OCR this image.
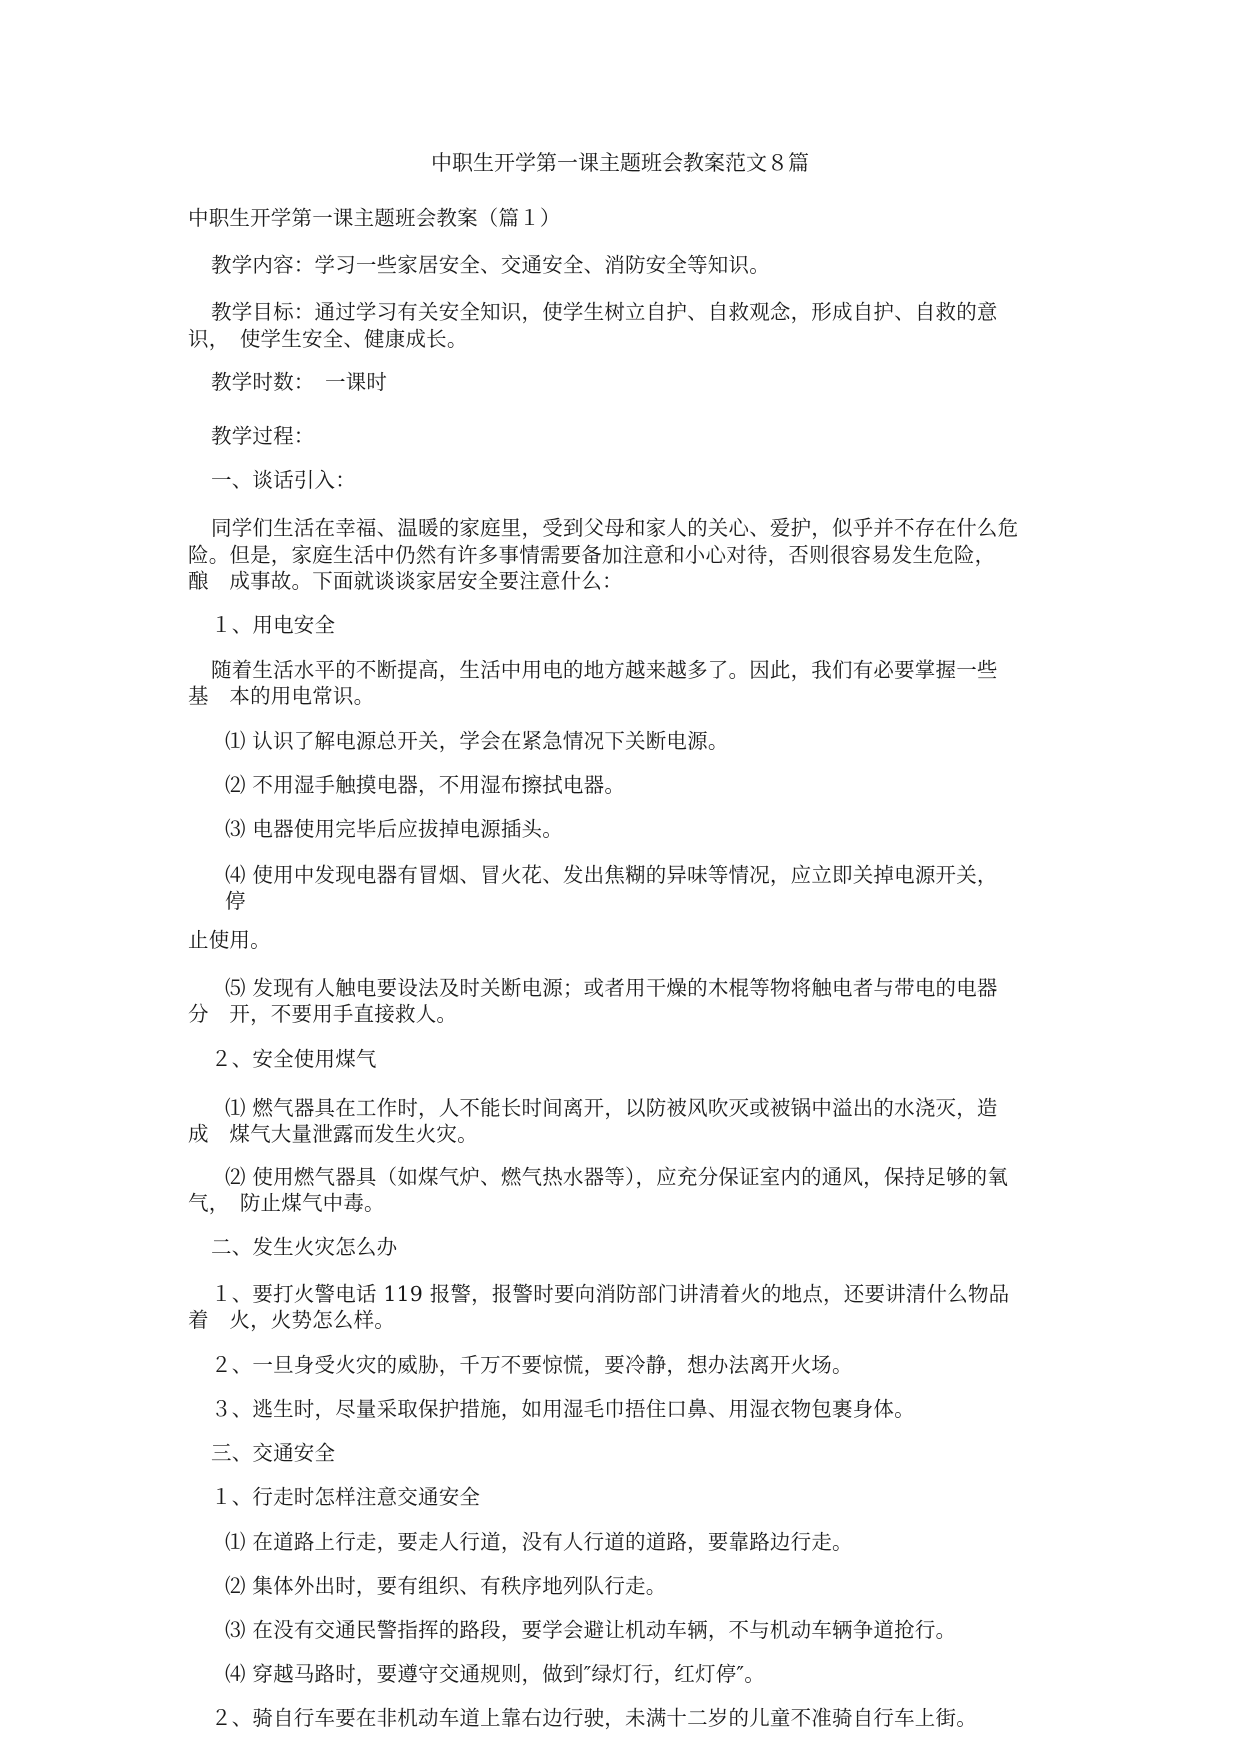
中职生开学第一课主题班会教案范文８篇
中职生开学第一课主题班会教案（篇１）
教学内容：学习一些家居安全、交通安全、消防安全等知识。
教学目标：通过学习有关安全知识，使学生树立自护、自救观念，形成自护、自救的意
识，　使学生安全、健康成长。
教学时数：　一课时
教学过程：
一、谈话引入：
同学们生活在幸福、温暖的家庭里，受到父母和家人的关心、爱护，似乎并不存在什么危
险。但是，家庭生活中仍然有许多事情需要备加注意和小心对待，否则很容易发生危险，
酿　成事故。下面就谈谈家居安全要注意什么：
１、用电安全
随着生活水平的不断提高，生活中用电的地方越来越多了。因此，我们有必要掌握一些
基　本的用电常识。
⑴ 认识了解电源总开关，学会在紧急情况下关断电源。
⑵ 不用湿手触摸电器，不用湿布擦拭电器。
⑶ 电器使用完毕后应拔掉电源插头。
⑷ 使用中发现电器有冒烟、冒火花、发出焦糊的异味等情况，应立即关掉电源开关，
停
止使用。
⑸ 发现有人触电要设法及时关断电源；或者用干燥的木棍等物将触电者与带电的电器
分　开，不要用手直接救人。
２、安全使用煤气
⑴ 燃气器具在工作时，人不能长时间离开，以防被风吹灭或被锅中溢出的水浇灭，造
成　煤气大量泄露而发生火灾。
⑵ 使用燃气器具（如煤气炉、燃气热水器等），应充分保证室内的通风，保持足够的氧
气，　防止煤气中毒。
二、发生火灾怎么办
１、要打火警电话 119 报警，报警时要向消防部门讲清着火的地点，还要讲清什么物品
着　火，火势怎么样。
２、一旦身受火灾的威胁，千万不要惊慌，要冷静，想办法离开火场。
３、逃生时，尽量采取保护措施，如用湿毛巾捂住口鼻、用湿衣物包裹身体。
三、交通安全
１、行走时怎样注意交通安全
⑴ 在道路上行走，要走人行道，没有人行道的道路，要靠路边行走。
⑵ 集体外出时，要有组织、有秩序地列队行走。
⑶ 在没有交通民警指挥的路段，要学会避让机动车辆，不与机动车辆争道抢行。
⑷ 穿越马路时，要遵守交通规则，做到″绿灯行，红灯停″。
２、骑自行车要在非机动车道上靠右边行驶，未满十二岁的儿童不准骑自行车上街。
